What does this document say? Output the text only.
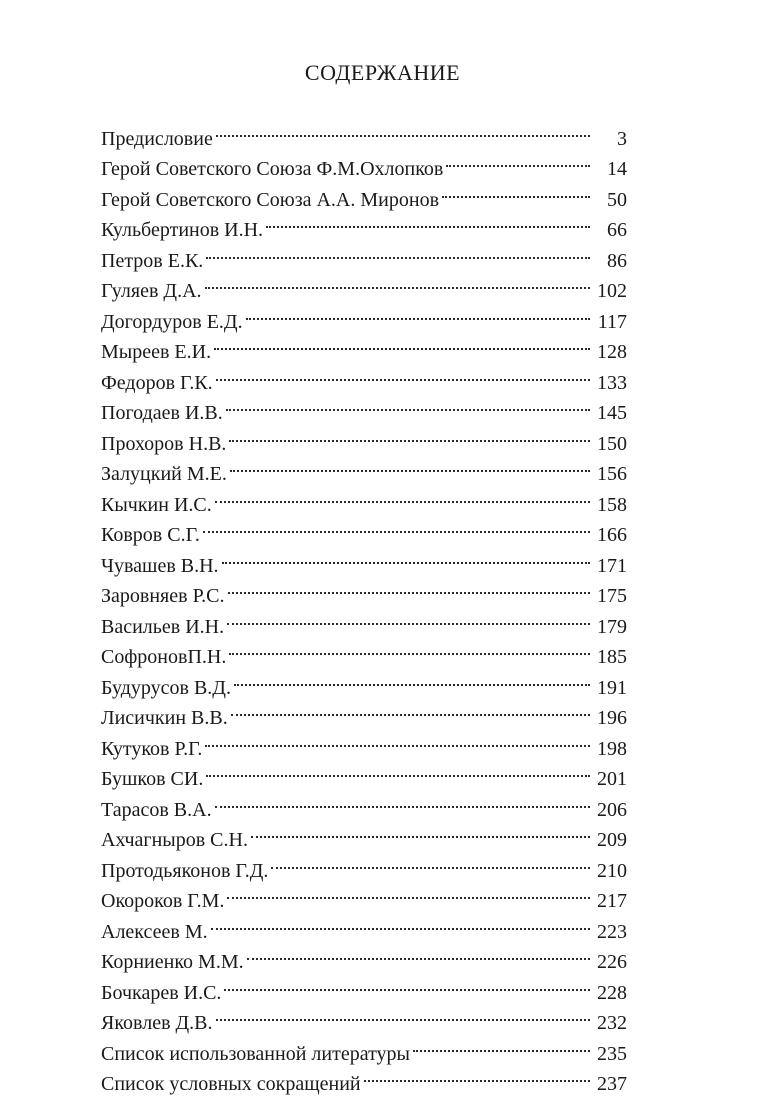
СОДЕРЖАНИЕ
Предисловие	3
Герой Советского Союза Ф.М.Охлопков	14
Герой Советского Союза А.А. Миронов	50
Кульбертинов И.Н.	66
Петров Е.К.	86
Гуляев Д.А.	102
Догордуров Е.Д.	117
Мыреев Е.И.	128
Федоров Г.К.	133
Погодаев И.В.	145
Прохоров Н.В.	150
Залуцкий М.Е.	156
Кычкин И.С.	158
Ковров С.Г.	166
Чувашев В.Н.	171
Заровняев Р.С.	175
Васильев И.Н.	179
СофроновП.Н.	185
Будурусов В.Д.	191
Лисичкин В.В.	196
Кутуков Р.Г.	198
Бушков СИ.	201
Тарасов В.А.	206
Ахчагныров С.Н.	209
Протодьяконов Г.Д.	210
Окороков Г.М.	217
Алексеев М.	223
Корниенко М.М.	226
Бочкарев И.С.	228
Яковлев Д.В.	232
Список использованной литературы	235
Список условных сокращений	237
